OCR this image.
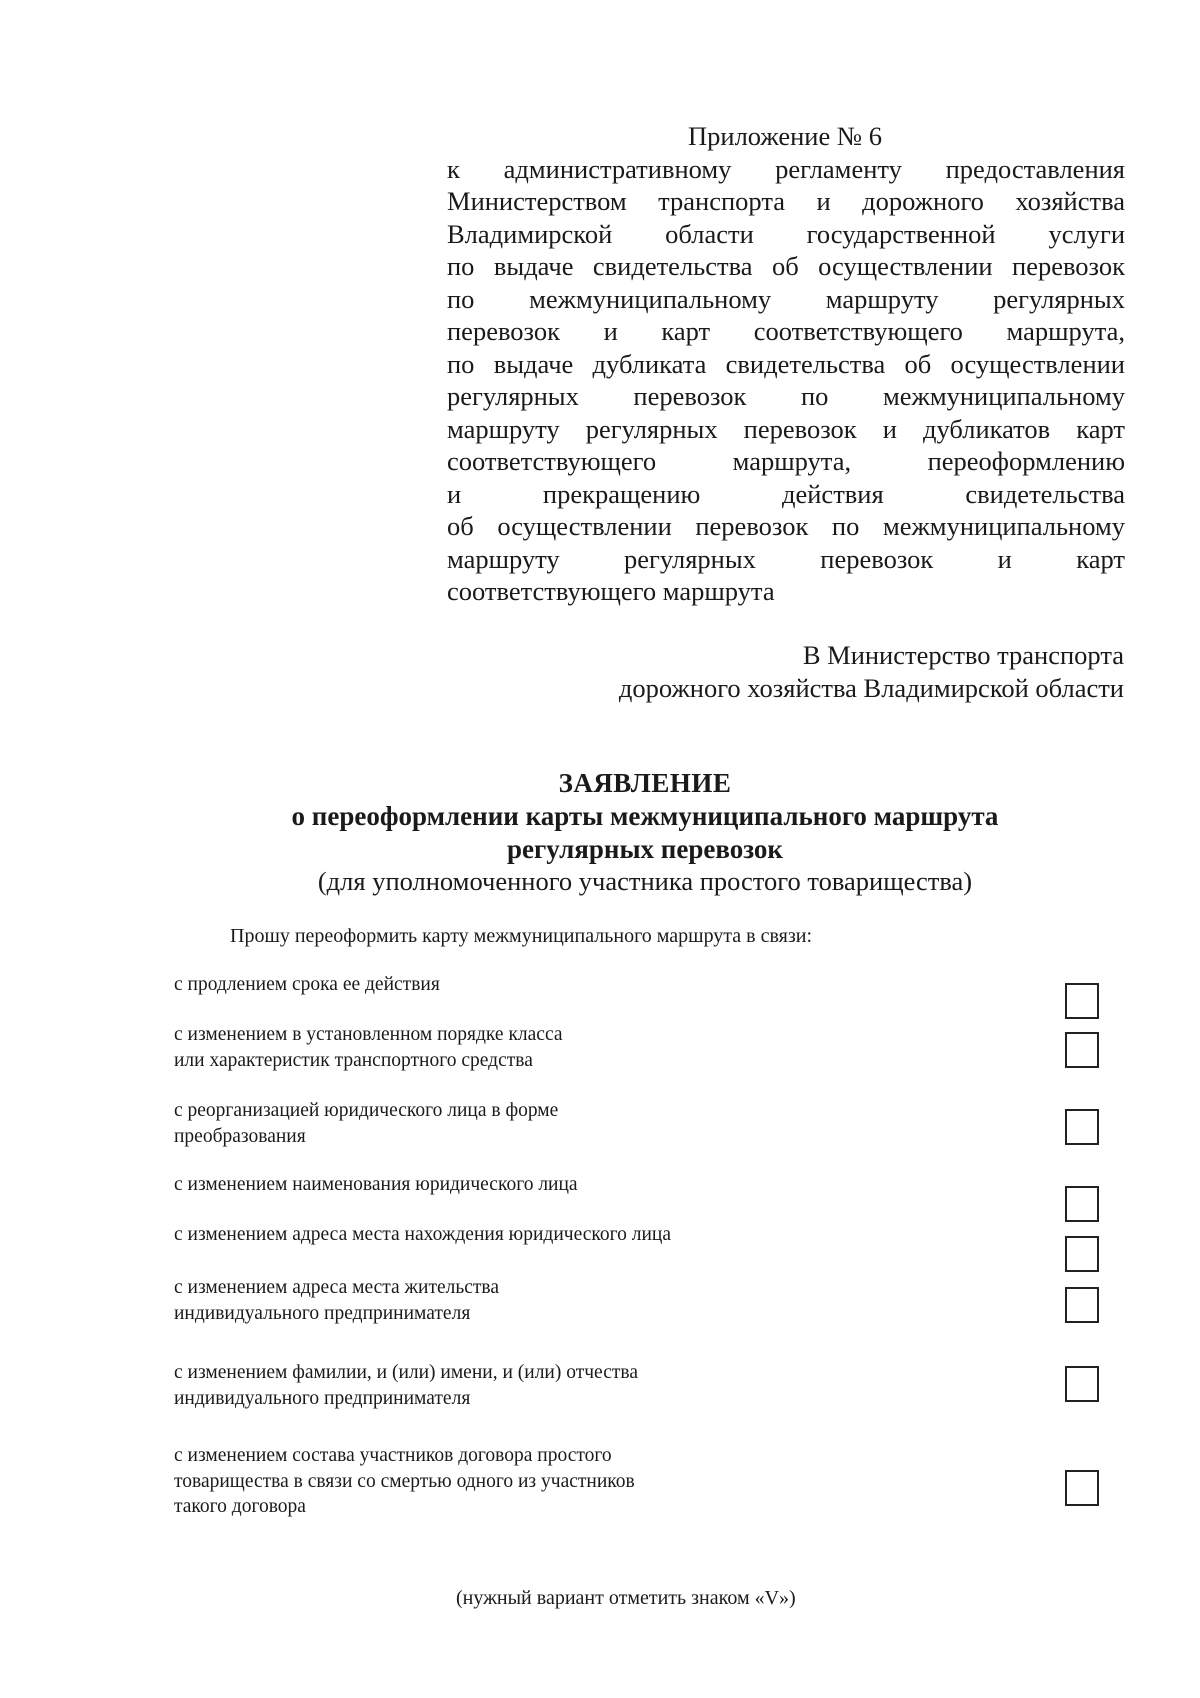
Приложение № 6
к административному регламенту предоставления
Министерством транспорта и дорожного хозяйства
Владимирской области государственной услуги
по выдаче свидетельства об осуществлении перевозок
по межмуниципальному маршруту регулярных
перевозок и карт соответствующего маршрута,
по выдаче дубликата свидетельства об осуществлении
регулярных перевозок по межмуниципальному
маршруту регулярных перевозок и дубликатов карт
соответствующего маршрута, переоформлению
и прекращению действия свидетельства
об осуществлении перевозок по межмуниципальному
маршруту регулярных перевозок и карт
соответствующего маршрута
В Министерство транспорта
дорожного хозяйства Владимирской области
ЗАЯВЛЕНИЕ
о переоформлении карты межмуниципального маршрута
регулярных перевозок
(для уполномоченного участника простого товарищества)
Прошу переоформить карту межмуниципального маршрута в связи:
с продлением срока ее действия
с изменением в установленном порядке класса
или характеристик транспортного средства
с реорганизацией юридического лица в форме
преобразования
с изменением наименования юридического лица
с изменением адреса места нахождения юридического лица
с изменением адреса места жительства
индивидуального предпринимателя
с изменением фамилии, и (или) имени, и (или) отчества
индивидуального предпринимателя
с изменением состава участников договора простого
товарищества в связи со смертью одного из участников
такого договора
(нужный вариант отметить знаком «V»)
